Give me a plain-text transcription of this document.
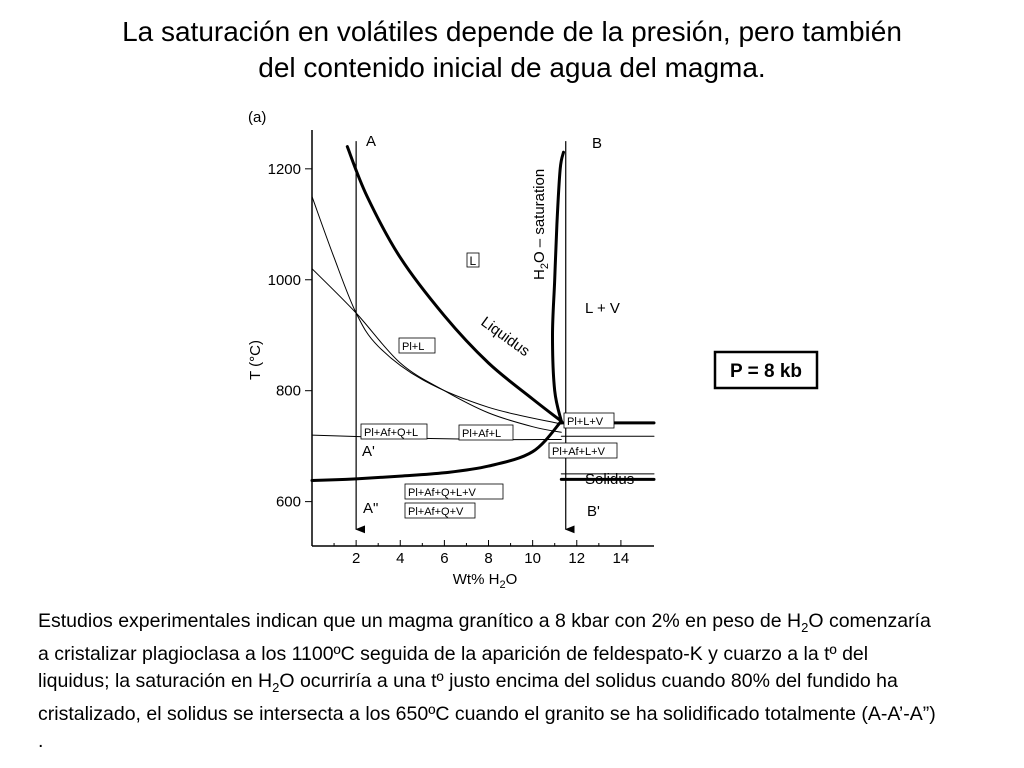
La saturación en volátiles depende de la presión, pero también
del contenido inicial de agua del magma.
(a)
2 4 6 8 10 12 14
600
800
1000
1200
T (°C)
Wt% $H_2O$
A
A'
A"
B
B'
Liquidus
Solidus
$H_2O$ – saturation
L
L + V
Pl+L
Pl+L+V
Pl+Af+Q+L	Pl+Af+L
Pl+Af+L+V
Pl+Af+Q+L+V
Pl+Af+Q+V
P = 8 kb
Estudios experimentales indican que un magma granítico a 8 kbar con 2% en peso de $H_2O$ comenzaría
a cristalizar plagioclasa a los 1100ºC seguida de la aparición de feldespato-K y cuarzo a la tº del
liquidus; la saturación en $H_2O$ ocurriría a una tº justo encima del solidus cuando 80% del fundido ha
cristalizado, el solidus se intersecta a los 650ºC cuando el granito se ha solidificado totalmente (A-A’-A”)
.
